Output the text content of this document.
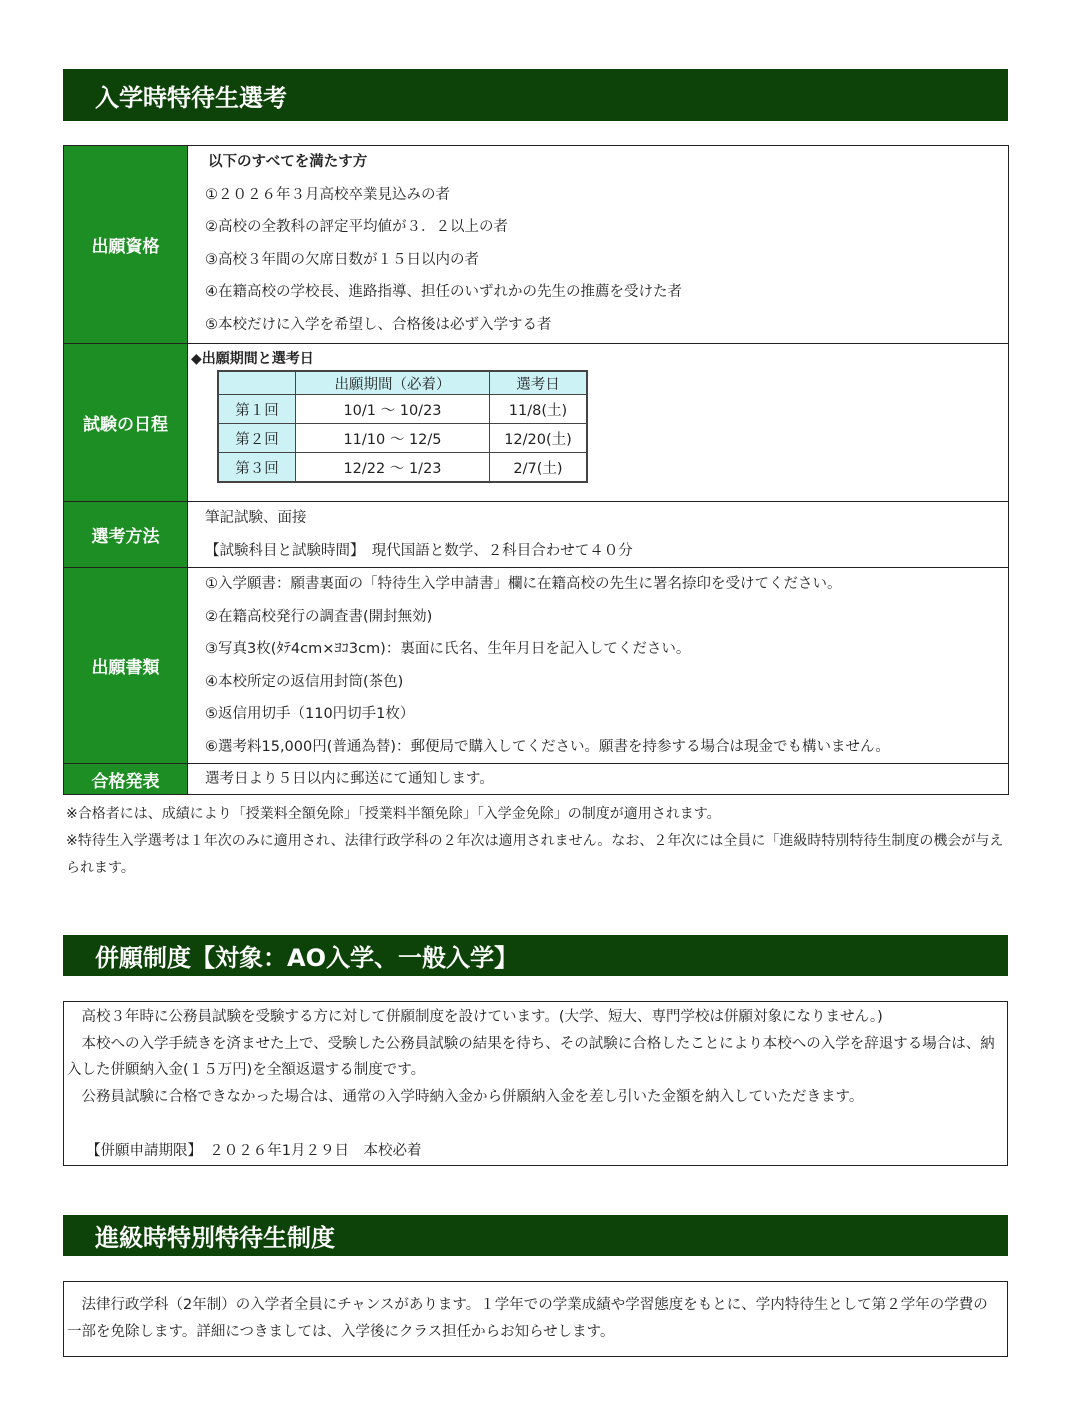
入学時特待生選考
出願資格	
以下のすべてを満たす方
①２０２６年３月高校卒業見込みの者
②高校の全教科の評定平均値が３．２以上の者
③高校３年間の欠席日数が１５日以内の者
④在籍高校の学校長、進路指導、担任のいずれかの先生の推薦を受けた者
⑤本校だけに入学を希望し、合格後は必ず入学する者

試験の日程	
◆出願期間と選考日
	出願期間（必着）	選考日
第１回	10/1 ～ 10/23	11/8(土)
第２回	11/10 ～ 12/5	12/20(土)
第３回	12/22 ～ 1/23	2/7(土)

選考方法	
筆記試験、面接
【試験科目と試験時間】　現代国語と数学、２科目合わせて４０分

出願書類	
①入学願書：願書裏面の「特待生入学申請書」欄に在籍高校の先生に署名捺印を受けてください。
②在籍高校発行の調査書(開封無効)
③写真3枚(ﾀﾃ4cm×ﾖｺ3cm)：裏面に氏名、生年月日を記入してください。
④本校所定の返信用封筒(茶色)
⑤返信用切手（110円切手1枚）
⑥選考料15,000円(普通為替)：郵便局で購入してください。願書を持参する場合は現金でも構いません。

合格発表	選考日より５日以内に郵送にて通知します。
※合格者には、成績により「授業料全額免除」「授業料半額免除」「入学金免除」の制度が適用されます。
※特待生入学選考は１年次のみに適用され、法律行政学科の２年次は適用されません。なお、２年次には全員に「進級時特別特待生制度の機会が与えられます。
併願制度【対象：AO入学、一般入学】

高校３年時に公務員試験を受験する方に対して併願制度を設けています。(大学、短大、専門学校は併願対象になりません。)

本校への入学手続きを済ませた上で、受験した公務員試験の結果を待ち、その試験に合格したことにより本校への入学を辞退する場合は、納入した併願納入金(１５万円)を全額返還する制度です。

公務員試験に合格できなかった場合は、通常の入学時納入金から併願納入金を差し引いた金額を納入していただきます。

【併願申請期限】　２０２６年1月２９日　本校必着

進級時特別特待生制度

法律行政学科（2年制）の入学者全員にチャンスがあります。１学年での学業成績や学習態度をもとに、学内特待生として第２学年の学費の一部を免除します。詳細につきましては、入学後にクラス担任からお知らせします。
